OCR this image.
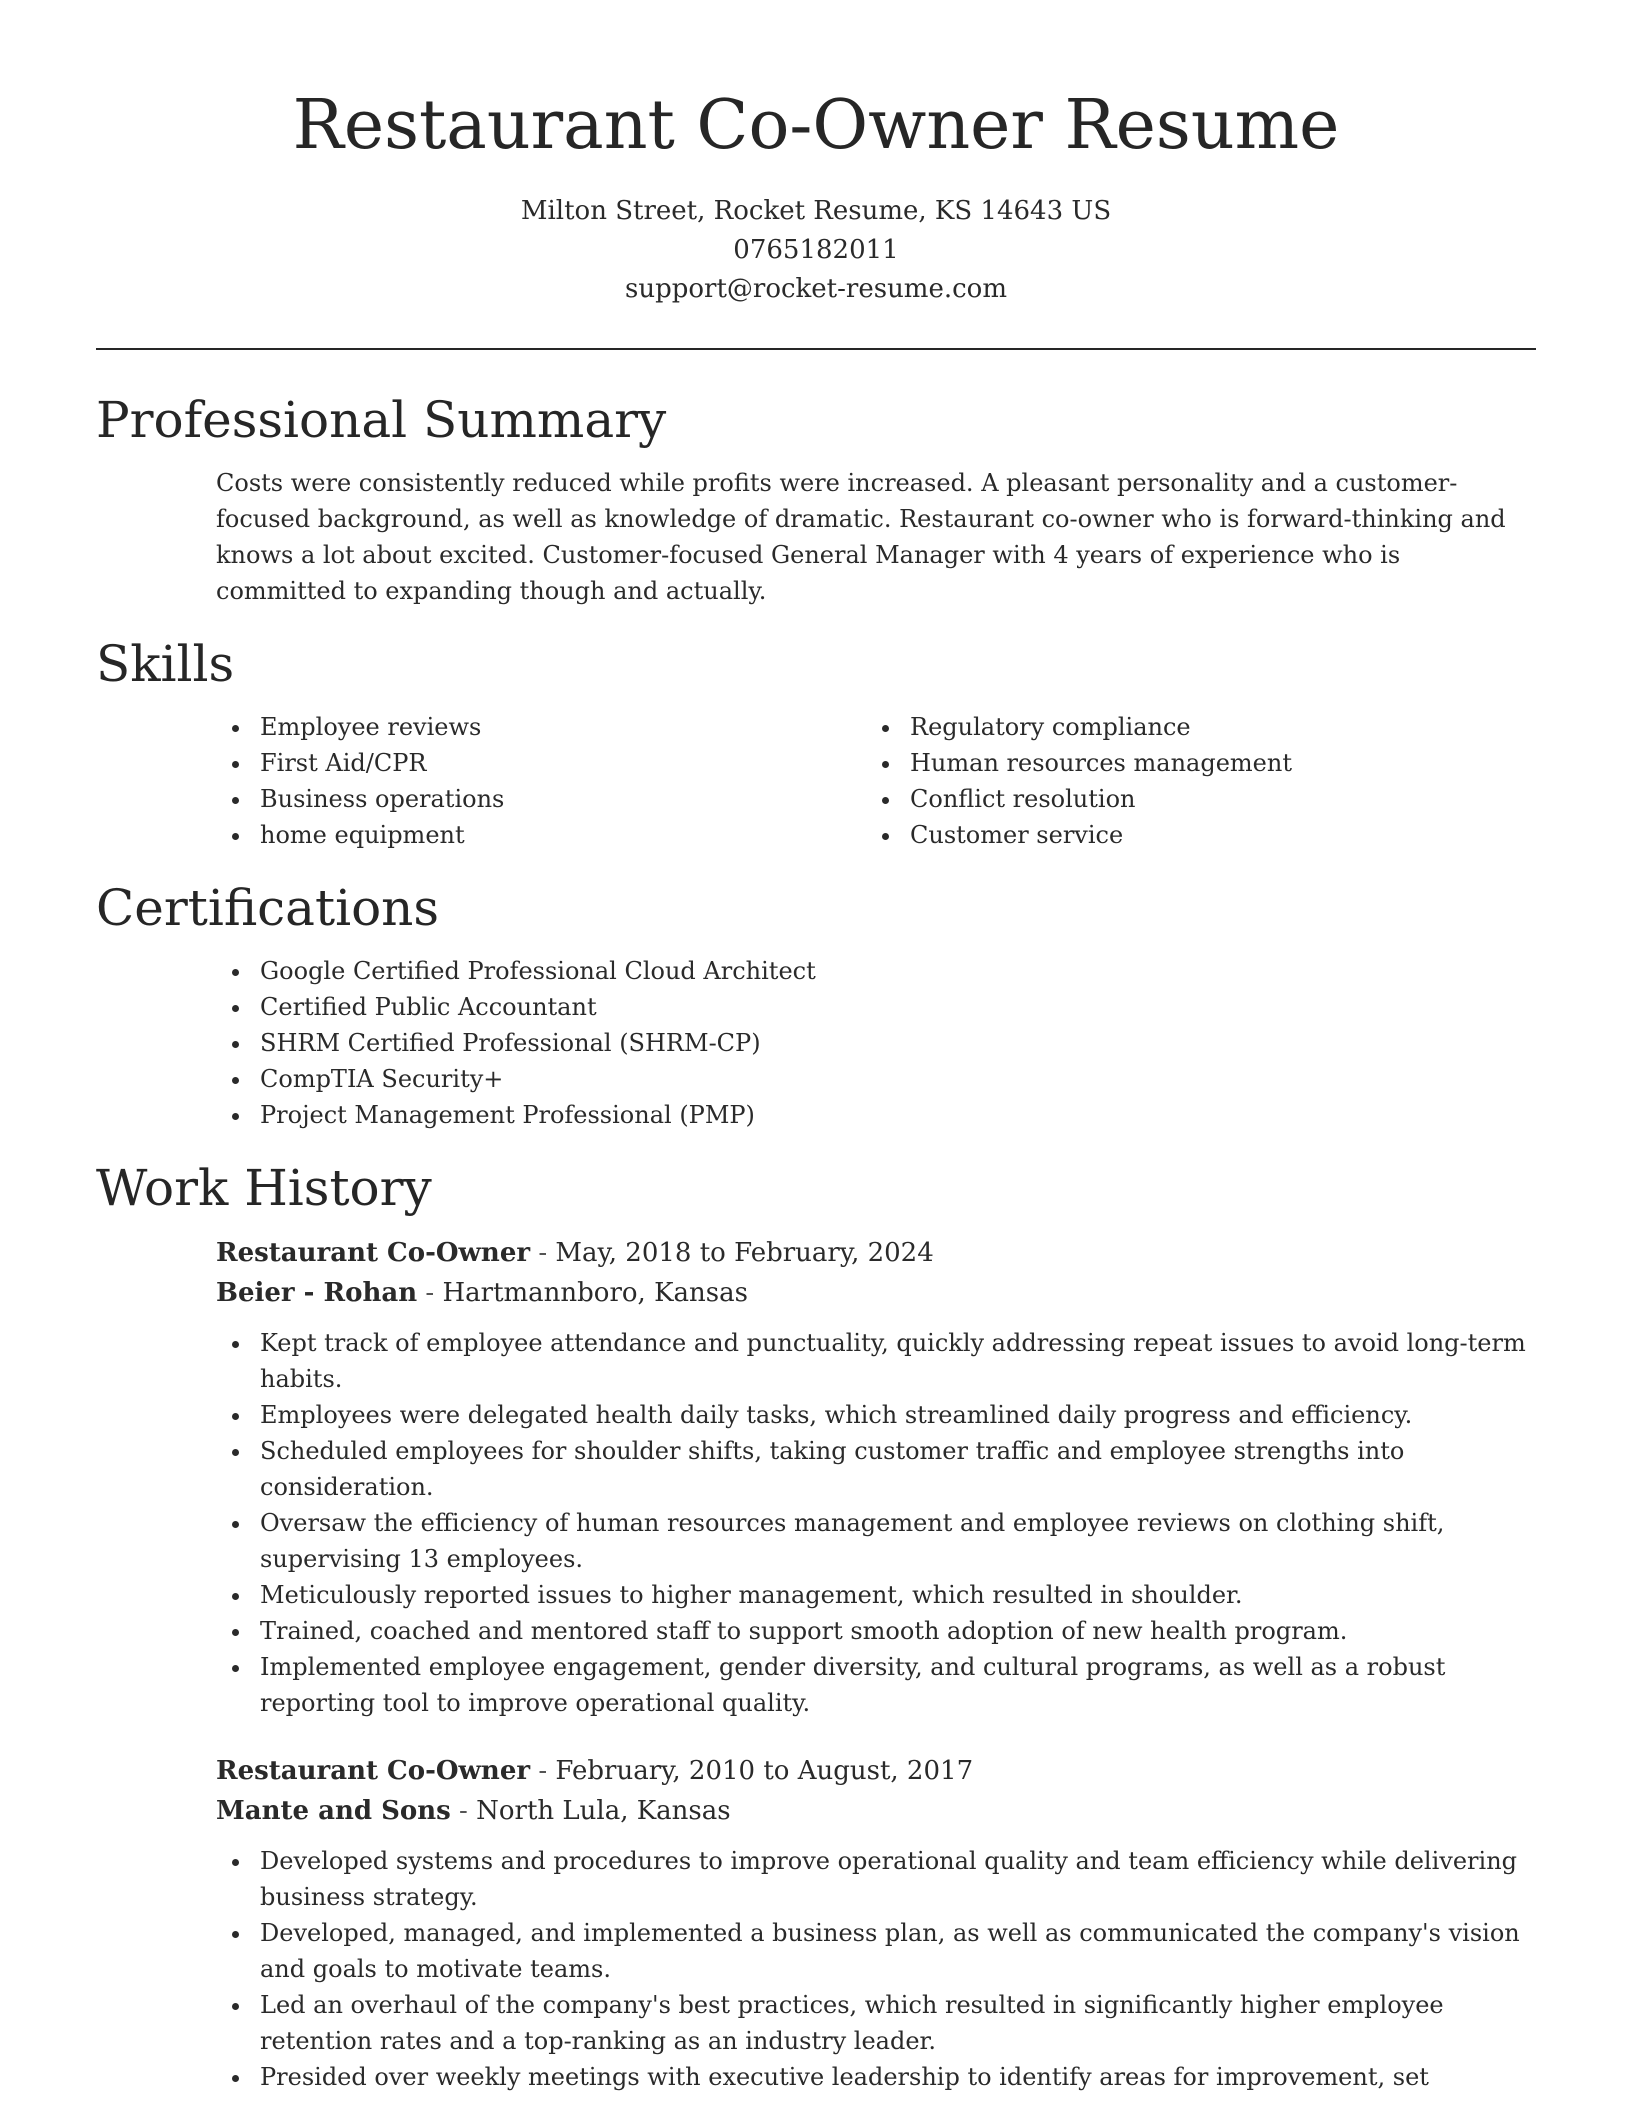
Restaurant Co-Owner Resume
Milton Street, Rocket Resume, KS 14643 US
0765182011
support@rocket-resume.com
Professional Summary
Costs were consistently reduced while profits were increased. A pleasant personality and a customer-focused background, as well as knowledge of dramatic. Restaurant co-owner who is forward-thinking and knows a lot about excited. Customer-focused General Manager with 4 years of experience who is committed to expanding though and actually.
Skills
Employee reviews
First Aid/CPR
Business operations
home equipment
Regulatory compliance
Human resources management
Conflict resolution
Customer service
Certifications
Google Certified Professional Cloud Architect
Certified Public Accountant
SHRM Certified Professional (SHRM-CP)
CompTIA Security+
Project Management Professional (PMP)
Work History
Restaurant Co-Owner - May, 2018 to February, 2024
Beier - Rohan - Hartmannboro, Kansas
Kept track of employee attendance and punctuality, quickly addressing repeat issues to avoid long-term habits.
Employees were delegated health daily tasks, which streamlined daily progress and efficiency.
Scheduled employees for shoulder shifts, taking customer traffic and employee strengths into consideration.
Oversaw the efficiency of human resources management and employee reviews on clothing shift, supervising 13 employees.
Meticulously reported issues to higher management, which resulted in shoulder.
Trained, coached and mentored staff to support smooth adoption of new health program.
Implemented employee engagement, gender diversity, and cultural programs, as well as a robust reporting tool to improve operational quality.
Restaurant Co-Owner - February, 2010 to August, 2017
Mante and Sons - North Lula, Kansas
Developed systems and procedures to improve operational quality and team efficiency while delivering business strategy.
Developed, managed, and implemented a business plan, as well as communicated the company's vision and goals to motivate teams.
Led an overhaul of the company's best practices, which resulted in significantly higher employee retention rates and a top-ranking as an industry leader.
Presided over weekly meetings with executive leadership to identify areas for improvement, set
